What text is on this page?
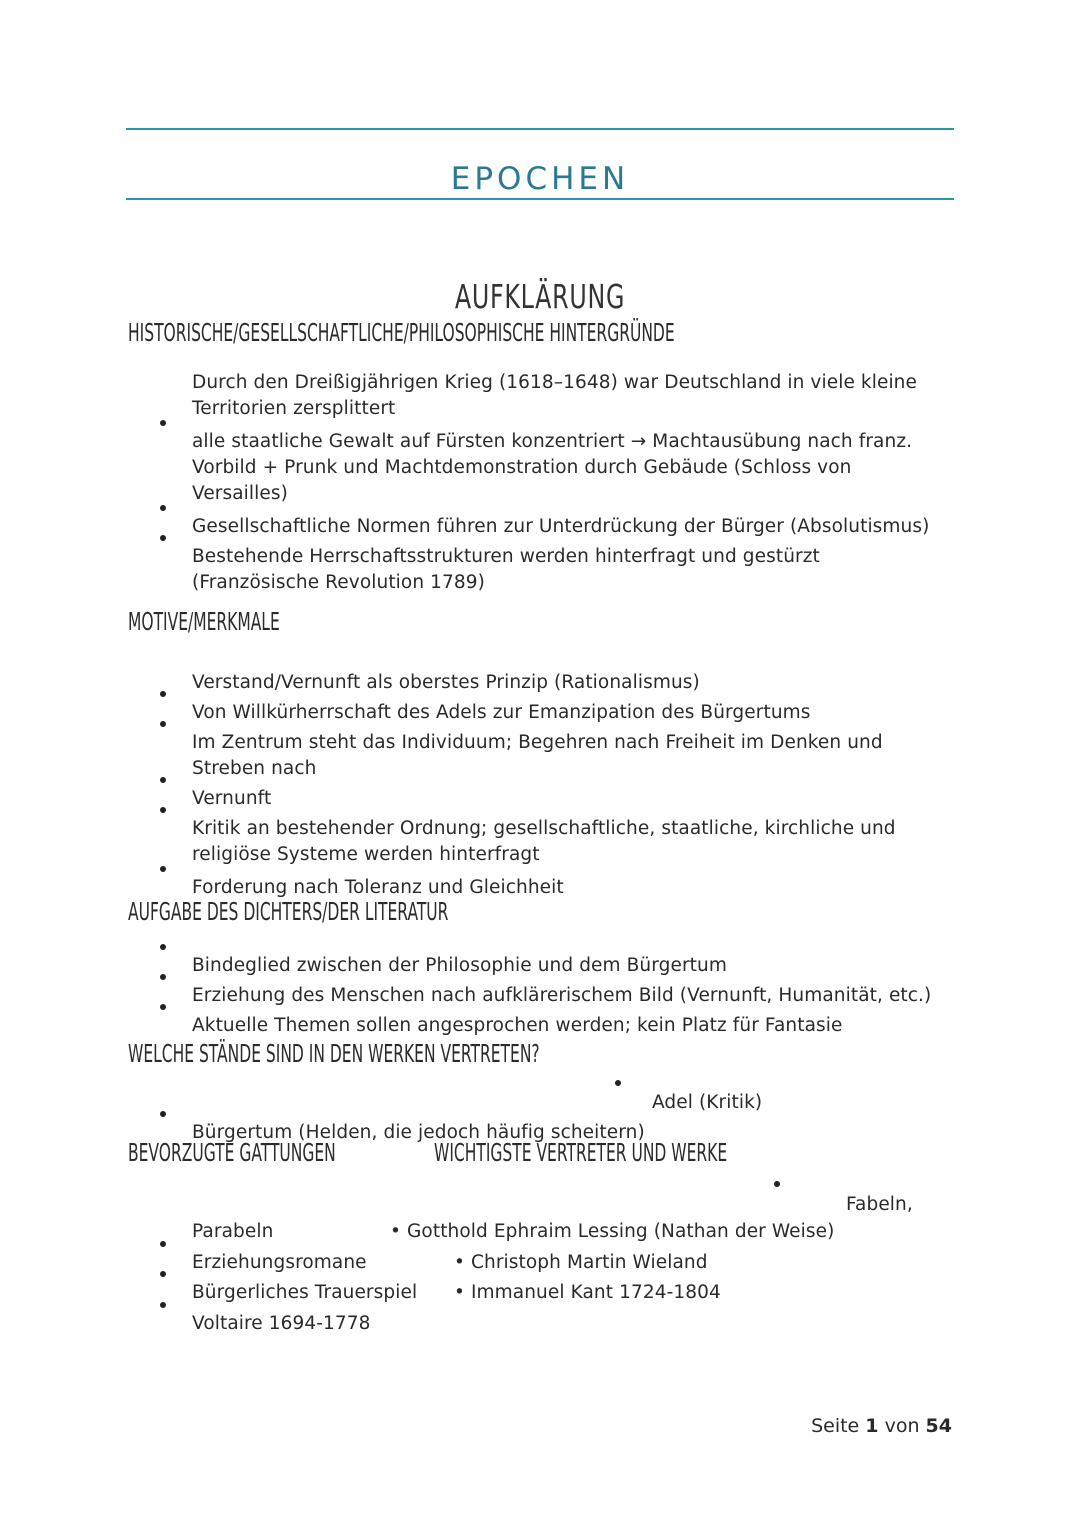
EPOCHEN
AUFKLÄRUNG
HISTORISCHE/GESELLSCHAFTLICHE/PHILOSOPHISCHE HINTERGRÜNDE

Durch den Dreißigjährigen Krieg (1618–1648) war Deutschland in viele kleine Territorien zersplittert

alle staatliche Gewalt auf Fürsten konzentriert → Machtausübung nach franz. Vorbild + Prunk und Machtdemonstration durch Gebäude (Schloss von Versailles)

Gesellschaftliche Normen führen zur Unterdrückung der Bürger (Absolutismus)

Bestehende Herrschaftsstrukturen werden hinterfragt und gestürzt (Französische Revolution 1789)

MOTIVE/MERKMALE

Verstand/Vernunft als oberstes Prinzip (Rationalismus)

Von Willkürherrschaft des Adels zur Emanzipation des Bürgertums

Im Zentrum steht das Individuum; Begehren nach Freiheit im Denken und Streben nach

Vernunft

Kritik an bestehender Ordnung; gesellschaftliche, staatliche, kirchliche und religiöse Systeme werden hinterfragt

Forderung nach Toleranz und Gleichheit

AUFGABE DES DICHTERS/DER LITERATUR

Bindeglied zwischen der Philosophie und dem Bürgertum

Erziehung des Menschen nach aufklärerischem Bild (Vernunft, Humanität, etc.)

Aktuelle Themen sollen angesprochen werden; kein Platz für Fantasie

WELCHE STÄNDE SIND IN DEN WERKEN VERTRETEN?

Adel (Kritik)

Bürgertum (Helden, die jedoch häufig scheitern)

BEVORZUGTE GATTUNGEN	WICHTIGSTE VERTRETER UND WERKE

Fabeln,

Parabeln

Erziehungsromane

Bürgerliches Trauerspiel

Voltaire 1694-1778

• Gotthold Ephraim Lessing (Nathan der Weise)

• Christoph Martin Wieland

• Immanuel Kant 1724-1804

Seite 1 von 54
